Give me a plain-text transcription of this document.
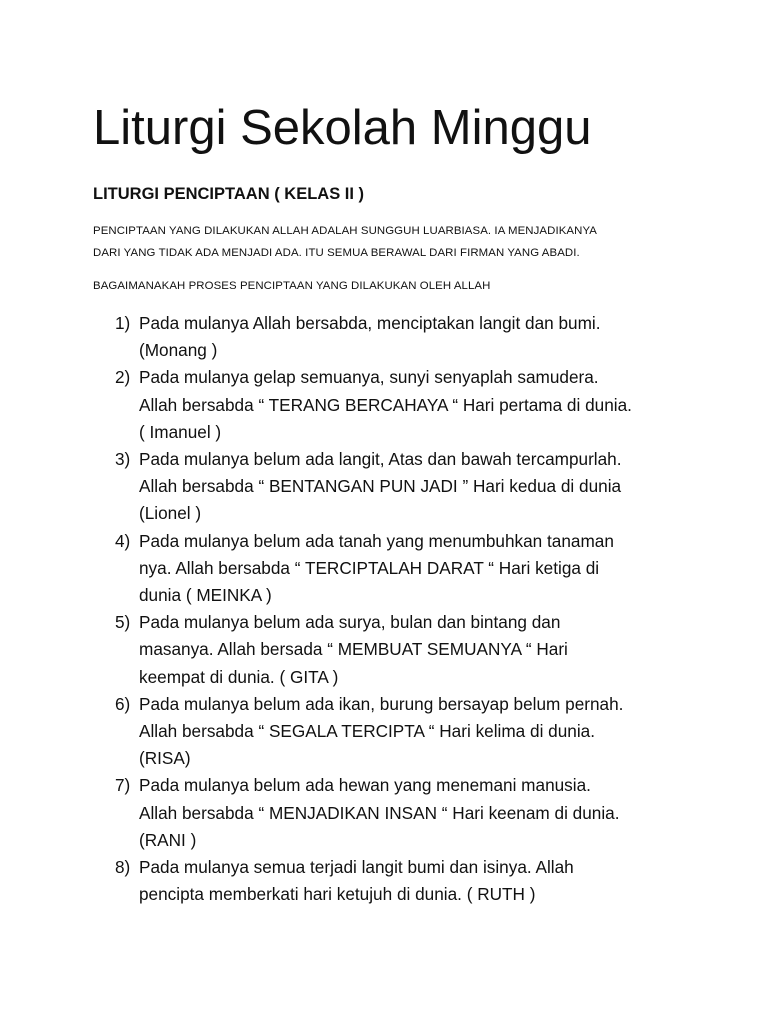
Liturgi Sekolah Minggu
LITURGI PENCIPTAAN ( KELAS II )

PENCIPTAAN YANG DILAKUKAN ALLAH ADALAH SUNGGUH LUARBIASA. IA MENJADIKANYA
DARI YANG TIDAK ADA MENJADI ADA. ITU SEMUA BERAWAL DARI FIRMAN YANG ABADI.

BAGAIMANAKAH PROSES PENCIPTAAN YANG DILAKUKAN OLEH ALLAH

1) Pada mulanya Allah bersabda, menciptakan langit dan bumi.
(Monang )
2) Pada mulanya gelap semuanya, sunyi senyaplah samudera.
Allah bersabda “ TERANG BERCAHAYA “ Hari pertama di dunia.
( Imanuel )
3) Pada mulanya belum ada langit, Atas dan bawah tercampurlah.
Allah bersabda “ BENTANGAN PUN JADI ” Hari kedua di dunia
(Lionel )
4) Pada mulanya belum ada tanah yang menumbuhkan tanaman
nya. Allah bersabda “ TERCIPTALAH DARAT “ Hari ketiga di
dunia ( MEINKA )
5) Pada mulanya belum ada surya, bulan dan bintang dan
masanya. Allah bersada “ MEMBUAT SEMUANYA “ Hari
keempat di dunia. ( GITA )
6) Pada mulanya belum ada ikan, burung bersayap belum pernah.
Allah bersabda “ SEGALA TERCIPTA “ Hari kelima di dunia.
(RISA)
7) Pada mulanya belum ada hewan yang menemani manusia.
Allah bersabda “ MENJADIKAN INSAN “ Hari keenam di dunia.
(RANI )
8) Pada mulanya semua terjadi langit bumi dan isinya. Allah
pencipta memberkati hari ketujuh di dunia. ( RUTH )
